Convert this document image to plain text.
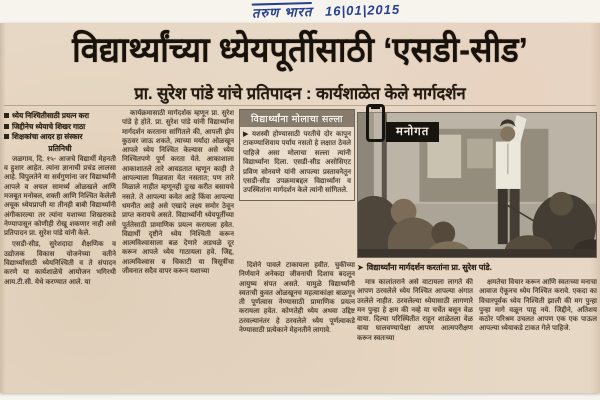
तरुण भारत 16|01|2015
विद्यार्थ्यांच्या ध्येयपूर्तीसाठी ‘एसडी-सीड’
प्रा. सुरेश पांडे यांचे प्रतिपादन : कार्यशाळेत केले मार्गदर्शन
ध्येय निश्चितीसाठी प्रयत्न करा
जिद्दीनेच ध्येयाचे शिखर गाठा
शिक्षकांचा आदर हा संस्कार
प्रतिनिधी

जळगाव, दि. १५- आजचे विद्यार्थी मेहनती व हुशार आहेत. त्यांना ज्ञानाची प्रचंड लालसा आहे. विपुलतेने या सर्वगुणांना जर विद्यार्थ्यांनी आपले व अचल सामर्थ्य ओळखले आणि मजबूत मनोबल, शक्ती आणि निश्चित केलेली अचूक ध्येयप्राप्ती या तीनही बाबी विद्यार्थ्यांनी अंगीकारल्या तर त्यांना यशाच्या शिखराकडे नेण्यापासून कोणीही रोखू शकणार नाही असे प्रतिपादन प्रा. सुरेश पांडे यांनी केले.

एसडी-सीड, सुरेशदादा शैक्षणिक व उद्योजक विकास योजनेच्या वतीने विद्यार्थ्यांसाठी ध्येयनिश्चिती व ते संपादन करणे या कार्यशाळेचे आयोजन भगिरथी आय.टी.सी. येथे करण्यात आले. या

कार्यक्रमासाठी मार्गदर्शक म्हणून प्रा. सुरेश पांडे हे होते. प्रा. सुरेश पांडे यांनी विद्यार्थ्यांना मार्गदर्शन करताना सांगितले की, आपली झेप कुठवर जाऊ शकते, त्याच्या मर्यादा ओळखून आपले ध्येय निश्चित केल्यास असे ध्येय निश्चितपणे पूर्ण करता येते. आकाशाला आकाशातले तारे आवडतात म्हणून काही ते आपल्याला मिळवता येत नसतात; पण तारे मिळाले नाहीत म्हणूनही दुःख करीत बसायचे नसते. ते आपल्या कवेत आहे किंवा आपल्या धमनीत आहे असे एखादे लक्ष्य समोर ठेवून प्राप्त करायचे असते. विद्यार्थ्यांनी ध्येयपूर्तीच्या पूर्ततेसाठी प्रामाणिक प्रयत्न करायला हवेत. विद्यार्थी दृष्टीने ध्येय निश्चिती करून आत्मविश्वासाला बळ देणारे अडथळे दूर करून आपले ध्येय गाठायला हवे. जिद्द, आत्मविश्वास व चिकाटी या त्रिसूत्रींचा जीवनात सदैव वापर करून यशाच्या

विद्यार्थ्यांना मोलाचा सल्ला
▶ यशस्वी होण्यासाठी परतीचे दोर कापून टाकण्याशिवाय पर्याय नसतो हे लक्षात ठेवले पाहिजे असा मोलाचा सल्ला त्यांनी विद्यार्थ्यांना दिला. एसडी-सीड असोसिएट प्रविण सोनवणे यांनी आपल्या प्रस्तावनेतून एसडी-सीड उपक्रमाबद्दल विद्यार्थ्यांना व उपस्थितांना मार्गदर्शन केले त्यांनी सांगितले.

दिशेने पावले टाकायला हवीत. चुकीच्या निर्णयाने अनेकदा जीवनाची दिशाच बदलून आयुष्य संपत असते. यामुळे विद्यार्थ्यांनी स्वतःची कुवत ओळखूनच महत्वाकांक्षा बाळगून ती पूर्णत्वास नेण्यासाठी प्रामाणिक प्रयत्न करायला हवेत. कोणतेही ध्येय अथवा उद्दिष्ट ठरवल्यानंतर हे ठरवलेले ध्येय पूर्णत्वाकडे नेण्यासाठी प्रत्येकाने मेहनतीने लागावे.

मनोगत
➤ विद्यार्थ्यांना मार्गदर्शन करतांना प्रा. सुरेश पांडे.

मात्र कालांतराने असे वाटायला लागते की आपण ठरवलेले ध्येय निश्चित आपल्या अंगात उरलेले नाहीत. ठरवलेल्या ध्येयासाठी लागणारे मन पुन्हा हे क्षम की नव्हे या चर्चेत बसून वेळ वाया. दिल्या परिस्थितीत राहून शाळेतला वेळ वाया घालवण्यापेक्षा आपण आत्मपरीक्षण करून स्वतःच्या

क्षमतेचा विचार करून आणि स्वतःच्या मनाचा आवाज ऐकूनच ध्येय निश्चित करावे. एकदा का विचारपूर्वक ध्येय निश्चिती झाली की मग पुन्हा पुन्हा मागे वळून पाहू नये. जिद्दीने, अतिशय कठोर परिश्रम उचलत आपण एक एक पाऊल आपल्या ध्येयाकडे टाकत गेले पाहिजे.
